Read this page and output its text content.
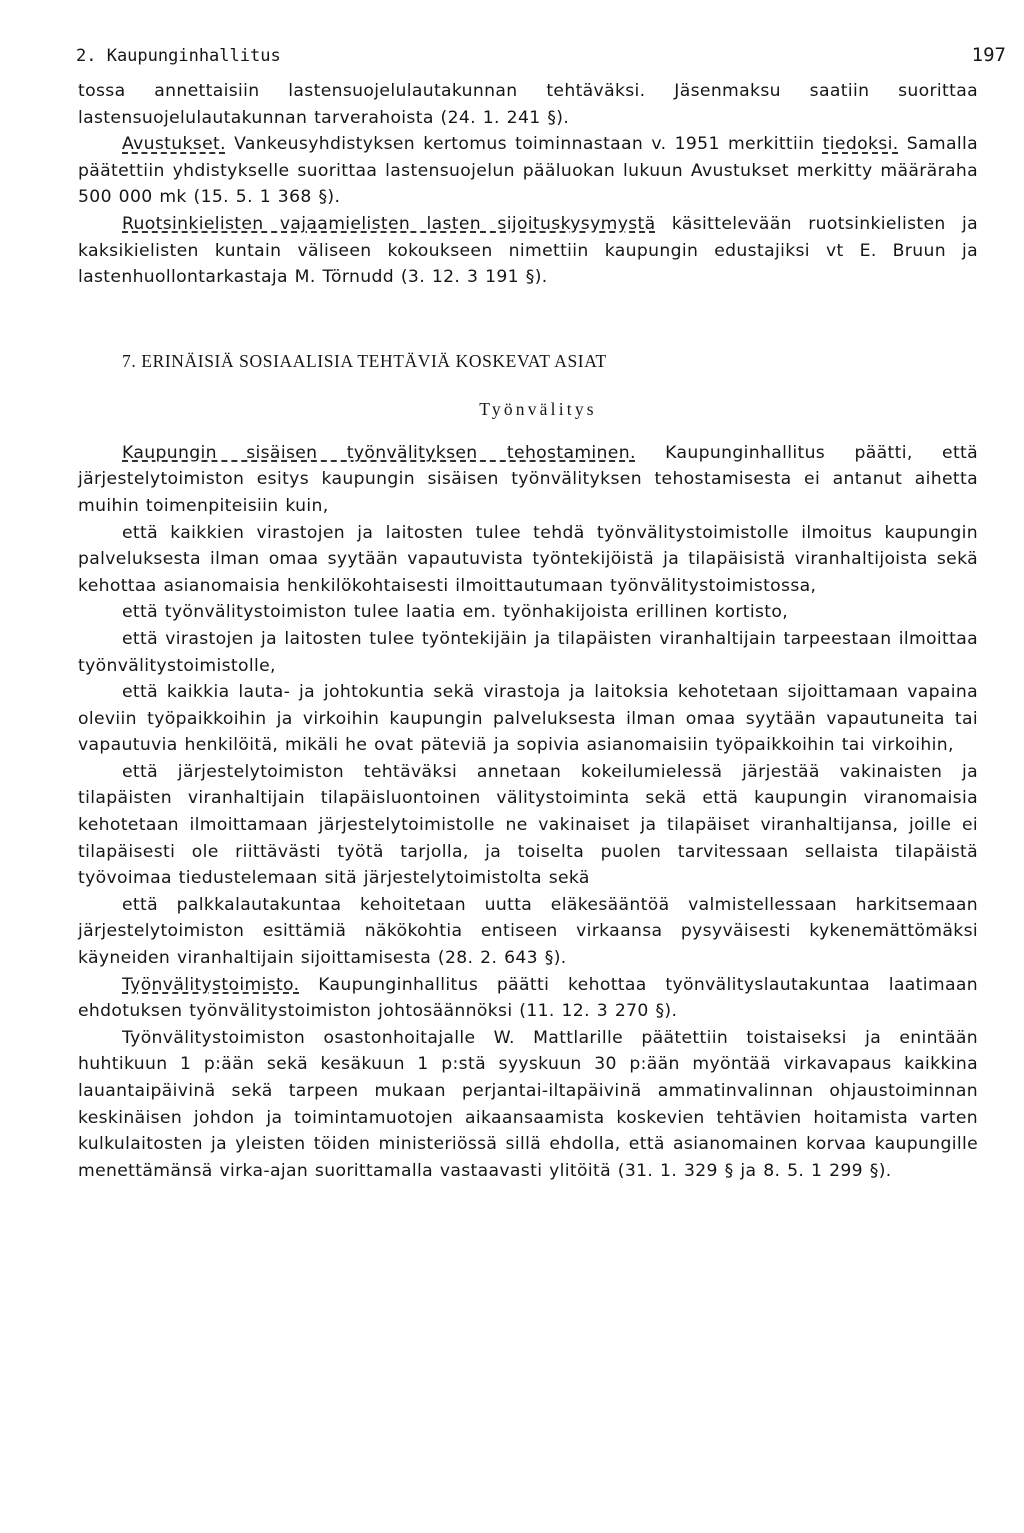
2. Kaupunginhallitus	197

tossa annettaisiin lastensuojelulautakunnan tehtäväksi. Jäsenmaksu saatiin suorittaa lastensuojelulautakunnan tarverahoista (24. 1. 241 §).

Avustukset. Vankeusyhdistyksen kertomus toiminnastaan v. 1951 merkittiin tiedoksi. Samalla päätettiin yhdistykselle suorittaa lastensuojelun pääluokan lukuun Avustukset merkitty määräraha 500 000 mk (15. 5. 1 368 §).

Ruotsinkielisten vajaamielisten lasten sijoituskysymystä käsittelevään ruotsinkielisten ja kaksikielisten kuntain väliseen kokoukseen nimettiin kaupungin edustajiksi vt E. Bruun ja lastenhuollontarkastaja M. Törnudd (3. 12. 3 191 §).

7. ERINÄISIÄ SOSIAALISIA TEHTÄVIÄ KOSKEVAT ASIAT
Työnvälitys

Kaupungin sisäisen työnvälityksen tehostaminen. Kaupunginhallitus päätti, että järjestelytoimiston esitys kaupungin sisäisen työnvälityksen tehostamisesta ei antanut aihetta muihin toimenpiteisiin kuin,

että kaikkien virastojen ja laitosten tulee tehdä työnvälitystoimistolle ilmoitus kaupungin palveluksesta ilman omaa syytään vapautuvista työntekijöistä ja tilapäisistä viranhaltijoista sekä kehottaa asianomaisia henkilökohtaisesti ilmoittautumaan työnvälitystoimistossa,

että työnvälitystoimiston tulee laatia em. työnhakijoista erillinen kortisto,

että virastojen ja laitosten tulee työntekijäin ja tilapäisten viranhaltijain tarpeestaan ilmoittaa työnvälitystoimistolle,

että kaikkia lauta- ja johtokuntia sekä virastoja ja laitoksia kehotetaan sijoittamaan vapaina oleviin työpaikkoihin ja virkoihin kaupungin palveluksesta ilman omaa syytään vapautuneita tai vapautuvia henkilöitä, mikäli he ovat päteviä ja sopivia asianomaisiin työpaikkoihin tai virkoihin,

että järjestelytoimiston tehtäväksi annetaan kokeilumielessä järjestää vakinaisten ja tilapäisten viranhaltijain tilapäisluontoinen välitystoiminta sekä että kaupungin viranomaisia kehotetaan ilmoittamaan järjestelytoimistolle ne vakinaiset ja tilapäiset viranhaltijansa, joille ei tilapäisesti ole riittävästi työtä tarjolla, ja toiselta puolen tarvitessaan sellaista tilapäistä työvoimaa tiedustelemaan sitä järjestelytoimistolta sekä

että palkkalautakuntaa kehoitetaan uutta eläkesääntöä valmistellessaan harkitsemaan järjestelytoimiston esittämiä näkökohtia entiseen virkaansa pysyväisesti kykenemättömäksi käyneiden viranhaltijain sijoittamisesta (28. 2. 643 §).

Työnvälitystoimisto. Kaupunginhallitus päätti kehottaa työnvälityslautakuntaa laatimaan ehdotuksen työnvälitystoimiston johtosäännöksi (11. 12. 3 270 §).

Työnvälitystoimiston osastonhoitajalle W. Mattlarille päätettiin toistaiseksi ja enintään huhtikuun 1 p:ään sekä kesäkuun 1 p:stä syyskuun 30 p:ään myöntää virkavapaus kaikkina lauantaipäivinä sekä tarpeen mukaan perjantai-iltapäivinä ammatinvalinnan ohjaustoiminnan keskinäisen johdon ja toimintamuotojen aikaansaamista koskevien tehtävien hoitamista varten kulkulaitosten ja yleisten töiden ministeriössä sillä ehdolla, että asianomainen korvaa kaupungille menettämänsä virka-ajan suorittamalla vastaavasti ylitöitä (31. 1. 329 § ja 8. 5. 1 299 §).
